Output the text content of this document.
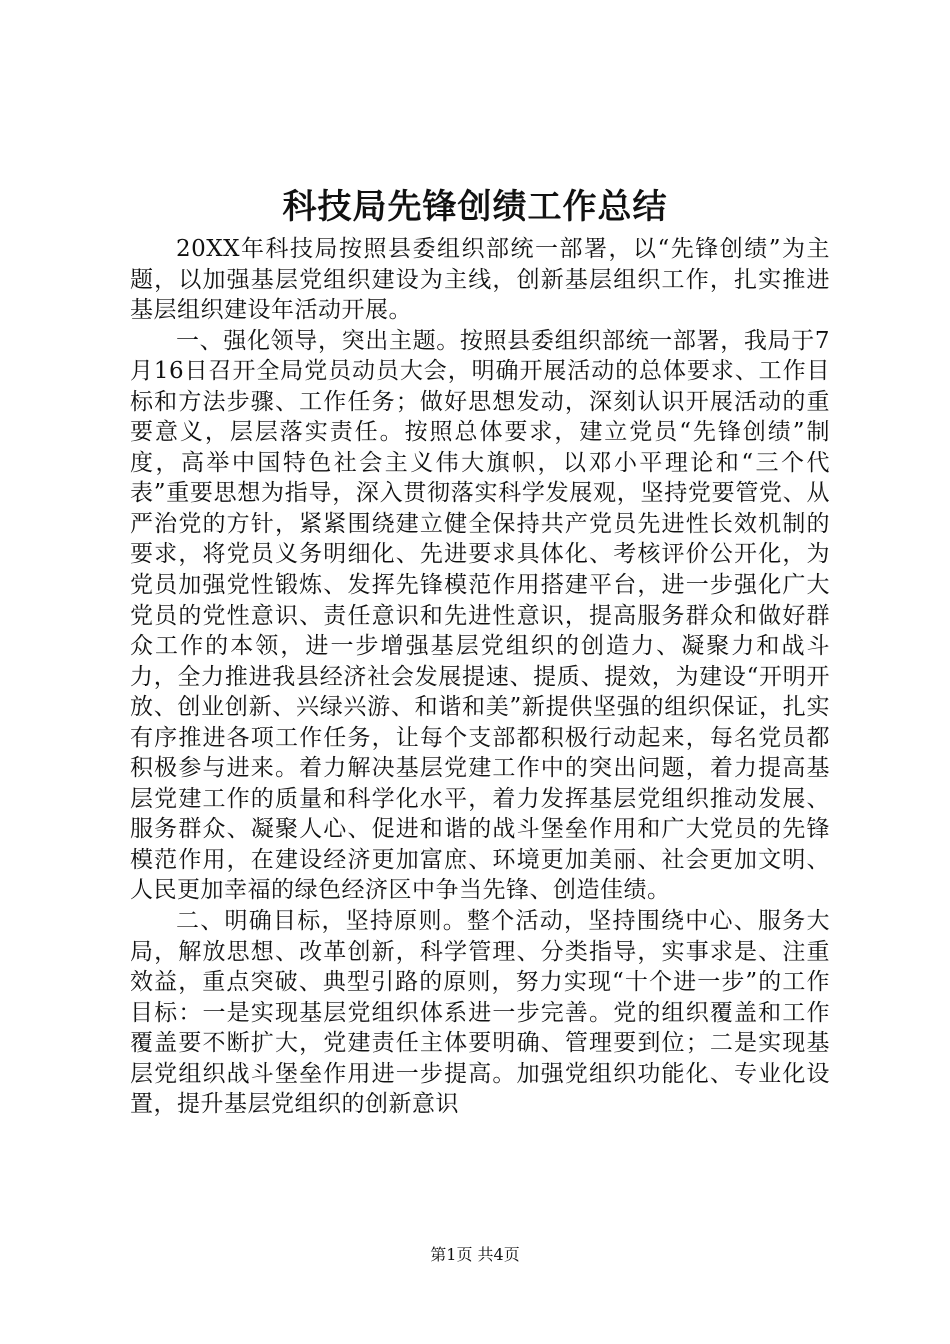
科技局先锋创绩工作总结

20XX年科技局按照县委组织部统一部署，以“先锋创绩”为主题，以加强基层党组织建设为主线，创新基层组织工作，扎实推进基层组织建设年活动开展。

一、强化领导，突出主题。按照县委组织部统一部署，我局于7月16日召开全局党员动员大会，明确开展活动的总体要求、工作目标和方法步骤、工作任务；做好思想发动，深刻认识开展活动的重要意义，层层落实责任。按照总体要求，建立党员“先锋创绩”制度，高举中国特色社会主义伟大旗帜，以邓小平理论和“三个代表”重要思想为指导，深入贯彻落实科学发展观，坚持党要管党、从严治党的方针，紧紧围绕建立健全保持共产党员先进性长效机制的要求，将党员义务明细化、先进要求具体化、考核评价公开化，为党员加强党性锻炼、发挥先锋模范作用搭建平台，进一步强化广大党员的党性意识、责任意识和先进性意识，提高服务群众和做好群众工作的本领，进一步增强基层党组织的创造力、凝聚力和战斗力，全力推进我县经济社会发展提速、提质、提效，为建设“开明开放、创业创新、兴绿兴游、和谐和美”新提供坚强的组织保证，扎实有序推进各项工作任务，让每个支部都积极行动起来，每名党员都积极参与进来。着力解决基层党建工作中的突出问题，着力提高基层党建工作的质量和科学化水平，着力发挥基层党组织推动发展、服务群众、凝聚人心、促进和谐的战斗堡垒作用和广大党员的先锋模范作用，在建设经济更加富庶、环境更加美丽、社会更加文明、人民更加幸福的绿色经济区中争当先锋、创造佳绩。

二、明确目标，坚持原则。整个活动，坚持围绕中心、服务大局，解放思想、改革创新，科学管理、分类指导，实事求是、注重效益，重点突破、典型引路的原则，努力实现“十个进一步”的工作目标：一是实现基层党组织体系进一步完善。党的组织覆盖和工作覆盖要不断扩大，党建责任主体要明确、管理要到位；二是实现基层党组织战斗堡垒作用进一步提高。加强党组织功能化、专业化设置，提升基层党组织的创新意识

第1页 共4页
